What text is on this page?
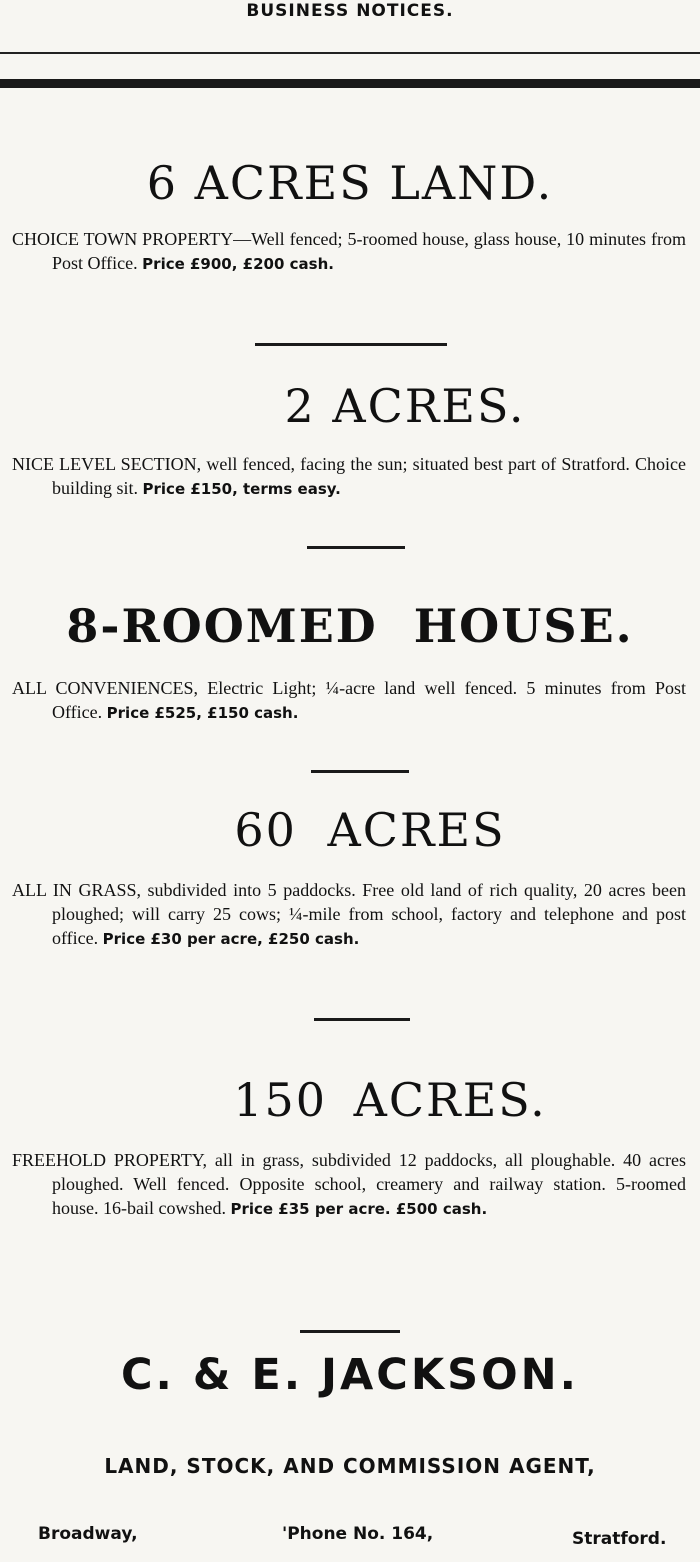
BUSINESS NOTICES.
6 ACRES LAND.

CHOICE TOWN PROPERTY—Well fenced; 5-roomed house, glass house, 10 minutes from Post Office. Price £900, £200 cash.

2 ACRES.

NICE LEVEL SECTION, well fenced, facing the sun; situated best part of Stratford. Choice building sit. Price £150, terms easy.

8-ROOMED HOUSE.

ALL CONVENIENCES, Electric Light; ¼-acre land well fenced. 5 minutes from Post Office. Price £525, £150 cash.

60 ACRES

ALL IN GRASS, subdivided into 5 paddocks. Free old land of rich quality, 20 acres been ploughed; will carry 25 cows; ¼-mile from school, factory and telephone and post office. Price £30 per acre, £250 cash.

150 ACRES.

FREEHOLD PROPERTY, all in grass, subdivided 12 paddocks, all ploughable. 40 acres ploughed. Well fenced. Opposite school, creamery and railway station. 5-roomed house. 16-bail cowshed. Price £35 per acre. £500 cash.

C. & E. JACKSON.
LAND, STOCK, AND COMMISSION AGENT,
Broadway,	'Phone No. 164,	Stratford.
